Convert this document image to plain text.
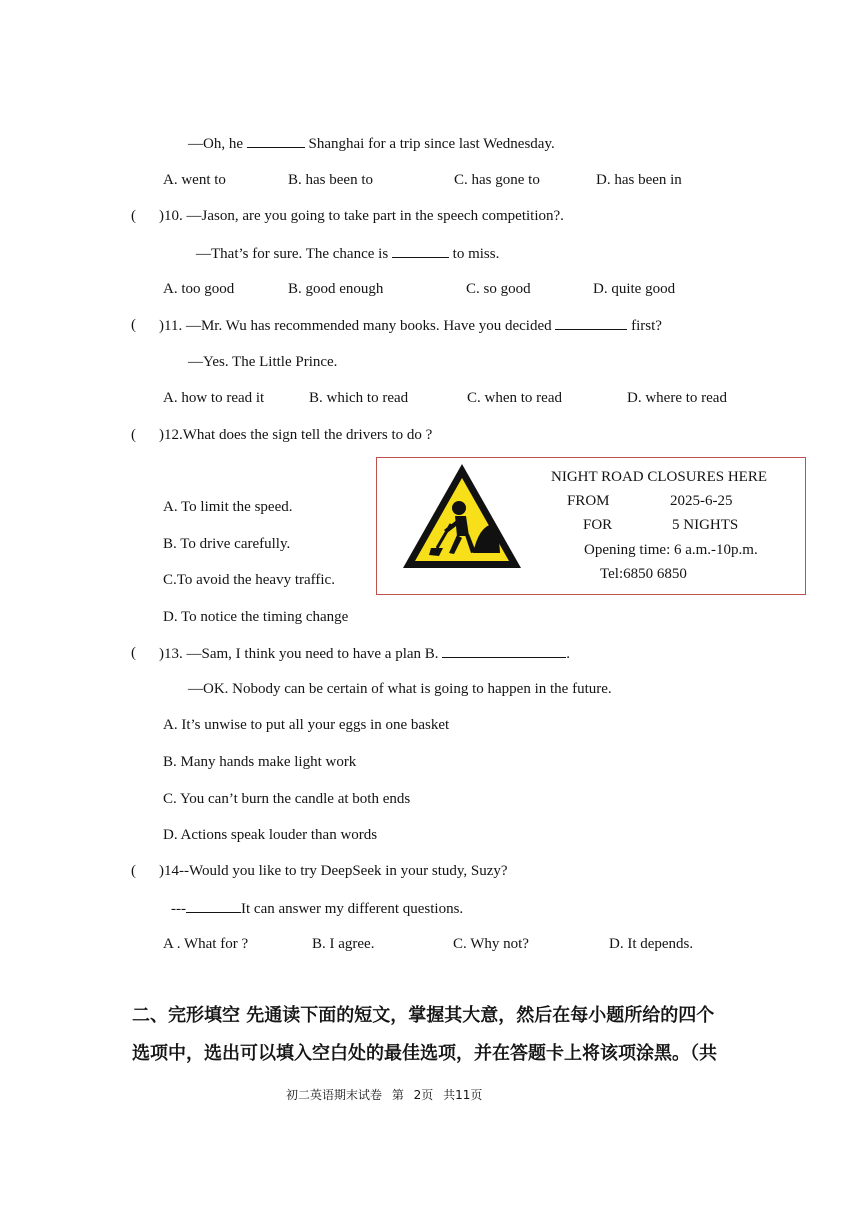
—Oh, he	Shanghai for a trip since last Wednesday.
A. went to	B. has been to	C. has gone to	D. has been in
( )10. —Jason, are you going to take part in the speech competition?.
—That’s for sure. The chance is	to miss.
A. too good	B. good enough	C. so good	D. quite good
( )11. —Mr. Wu has recommended many books. Have you decided	first?
—Yes. The Little Prince.
A. how to read it	B. which to read	C. when to read	D. where to read
( )12.What does the sign tell the drivers to do ?
A. To limit the speed.
B. To drive carefully.
C.To avoid the heavy traffic.
D. To notice the timing change
NIGHT ROAD CLOSURES HERE
FROM	2025-6-25
FOR	5 NIGHTS
Opening time: 6 a.m.-10p.m.
Tel:6850 6850
( )13. —Sam, I think you need to have a plan B.	.
—OK. Nobody can be certain of what is going to happen in the future.
A. It’s unwise to put all your eggs in one basket
B. Many hands make light work
C. You can’t burn the candle at both ends
D. Actions speak louder than words
( )14--Would you like to try DeepSeek in your study, Suzy?
---	It can answer my different questions.
A . What for ?	B. I agree.	C. Why not?	D. It depends.
二、完形填空 先通读下面的短文，掌握其大意，然后在每小题所给的四个
选项中，选出可以填入空白处的最佳选项，并在答题卡上将该项涂黑。（共
初二英语期末试卷 第 2页 共11页
